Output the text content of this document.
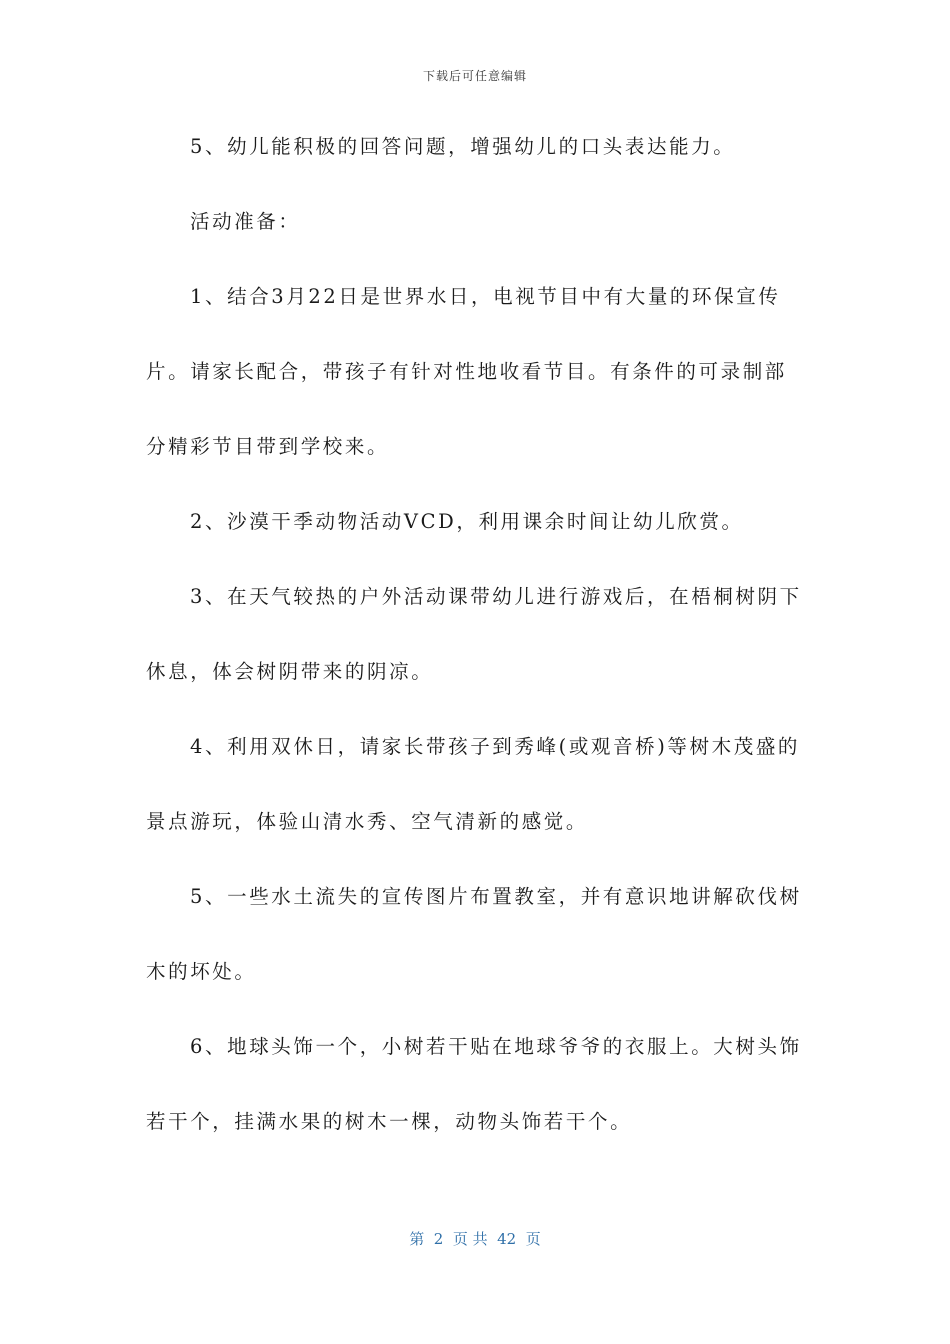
下载后可任意编辑
5、幼儿能积极的回答问题，增强幼儿的口头表达能力。
活动准备：
1、结合3月22日是世界水日，电视节目中有大量的环保宣传
片。请家长配合，带孩子有针对性地收看节目。有条件的可录制部
分精彩节目带到学校来。
2、沙漠干季动物活动VCD，利用课余时间让幼儿欣赏。
3、在天气较热的户外活动课带幼儿进行游戏后，在梧桐树阴下
休息，体会树阴带来的阴凉。
4、利用双休日，请家长带孩子到秀峰(或观音桥)等树木茂盛的
景点游玩，体验山清水秀、空气清新的感觉。
5、一些水土流失的宣传图片布置教室，并有意识地讲解砍伐树
木的坏处。
6、地球头饰一个，小树若干贴在地球爷爷的衣服上。大树头饰
若干个，挂满水果的树木一棵，动物头饰若干个。
第  2  页 共  42  页
